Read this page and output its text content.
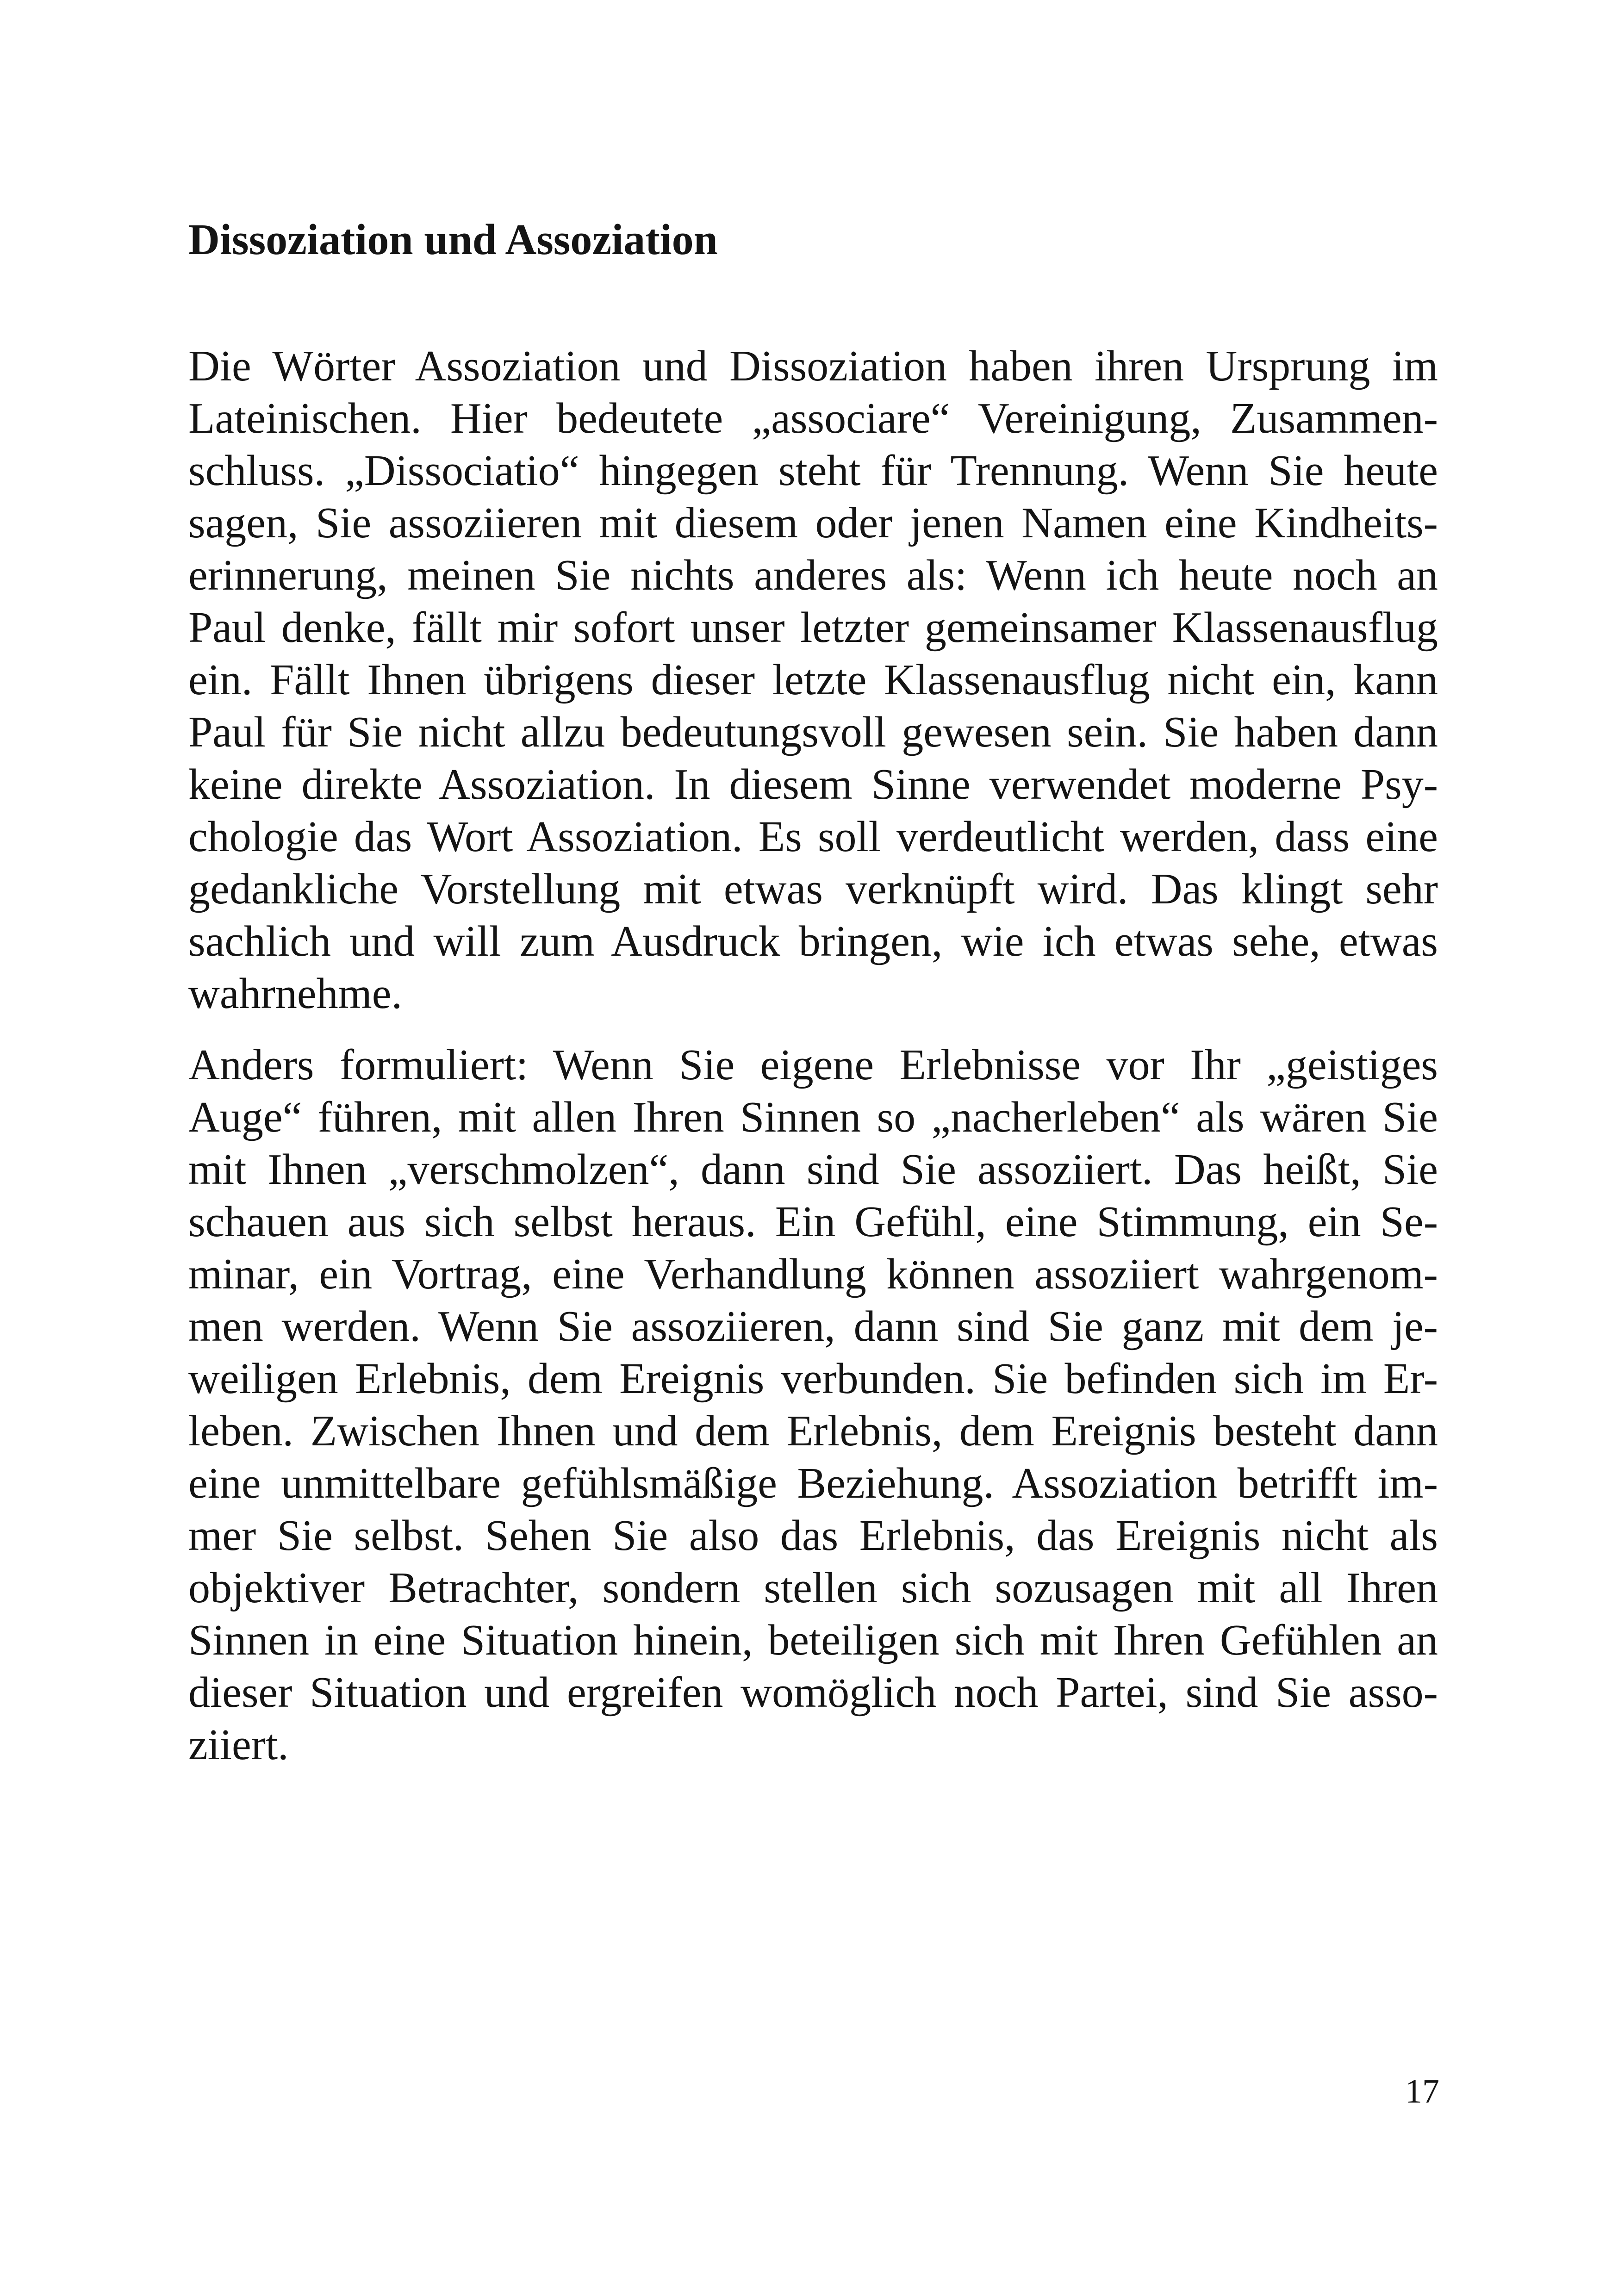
Dissoziation und Assoziation
Die Wörter Assoziation und Dissoziation haben ihren Ursprung im
Lateinischen. Hier bedeutete „associare“ Vereinigung, Zusammen-
schluss. „Dissociatio“ hingegen steht für Trennung. Wenn Sie heute
sagen, Sie assoziieren mit diesem oder jenen Namen eine Kindheits-
erinnerung, meinen Sie nichts anderes als: Wenn ich heute noch an
Paul denke, fällt mir sofort unser letzter gemeinsamer Klassenausflug
ein. Fällt Ihnen übrigens dieser letzte Klassenausflug nicht ein, kann
Paul für Sie nicht allzu bedeutungsvoll gewesen sein. Sie haben dann
keine direkte Assoziation. In diesem Sinne verwendet moderne Psy-
chologie das Wort Assoziation. Es soll verdeutlicht werden, dass eine
gedankliche Vorstellung mit etwas verknüpft wird. Das klingt sehr
sachlich und will zum Ausdruck bringen, wie ich etwas sehe, etwas
wahrnehme.
Anders formuliert: Wenn Sie eigene Erlebnisse vor Ihr „geistiges
Auge“ führen, mit allen Ihren Sinnen so „nacherleben“ als wären Sie
mit Ihnen „verschmolzen“, dann sind Sie assoziiert. Das heißt, Sie
schauen aus sich selbst heraus. Ein Gefühl, eine Stimmung, ein Se-
minar, ein Vortrag, eine Verhandlung können assoziiert wahrgenom-
men werden. Wenn Sie assoziieren, dann sind Sie ganz mit dem je-
weiligen Erlebnis, dem Ereignis verbunden. Sie befinden sich im Er-
leben. Zwischen Ihnen und dem Erlebnis, dem Ereignis besteht dann
eine unmittelbare gefühlsmäßige Beziehung. Assoziation betrifft im-
mer Sie selbst. Sehen Sie also das Erlebnis, das Ereignis nicht als
objektiver Betrachter, sondern stellen sich sozusagen mit all Ihren
Sinnen in eine Situation hinein, beteiligen sich mit Ihren Gefühlen an
dieser Situation und ergreifen womöglich noch Partei, sind Sie asso-
ziiert.
17
